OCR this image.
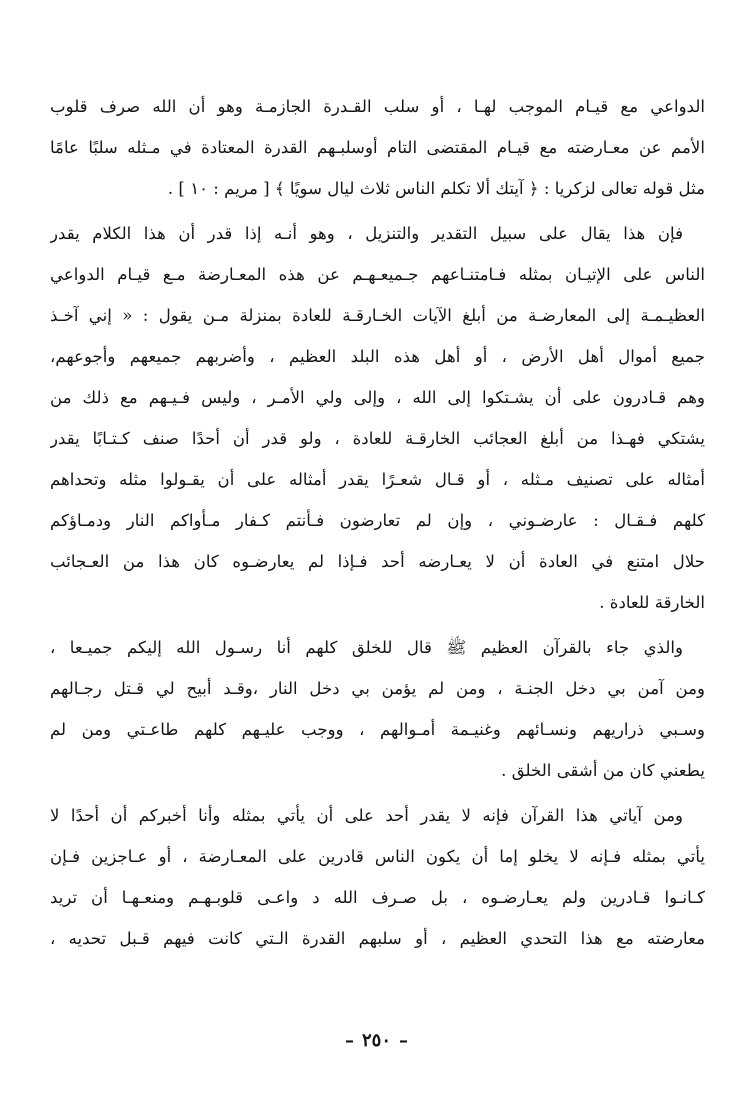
الدواعي مع قيـام الموجب لهـا ، أو سلب القـدرة الجازمـة وهو أن الله صرف قلوب
الأمم عن معـارضته مع قيـام المقتضى التام أوسلبـهم القدرة المعتادة في مـثله سلبًا عامًا
مثل قوله تعالى لزكريا : ﴿ آيتك ألا تكلم الناس ثلاث ليال سويًا ﴾ [ مريم : ١٠ ] .
فإن هذا يقال على سبيل التقدير والتنزيل ، وهو أنـه إذا قدر أن هذا الكلام يقدر
الناس على الإتيـان بمثله فـامتنـاعهم جـميعـهـم عن هذه المعـارضة مـع قيـام الدواعي
العظيـمـة إلى المعارضـة من أبلغ الآيات الخـارقـة للعادة بمنزلة مـن يقول : « إني آخـذ
جميع أموال أهل الأرض ، أو أهل هذه البلد العظيم ، وأضربهم جميعهم وأجوعهم،
وهم قـادرون على أن يشـتكوا إلى الله ، وإلى ولي الأمـر ، وليس فـيـهم مع ذلك من
يشتكي فهـذا من أبلغ العجائب الخارقـة للعادة ، ولو قدر أن أحدًا صنف كـتـابًا يقدر
أمثاله على تصنيف مـثله ، أو قـال شعـرًا يقدر أمثاله على أن يقـولوا مثله وتحداهم
كلهم فـقـال : عارضـوني ، وإن لم تعارضون فـأنتم كـفار مـأواكم النار ودمـاؤكم
حلال امتنع في العادة أن لا يعـارضه أحد فـإذا لم يعارضـوه كان هذا من العـجائب
الخارقة للعادة .
والذي جاء بالقرآن العظيم ﷺ قال للخلق كلهم أنا رسـول الله إليكم جميـعا ،
ومن آمن بي دخل الجنـة ، ومن لم يؤمن بي دخل النار ،وقـد أبيح لي قـتل رجـالهم
وسـبي ذراريهم ونسـائهم وغنيـمة أمـوالهم ، ووجب عليـهم كلهم طاعـتي ومن لم
يطعني كان من أشقى الخلق .
ومن آياتي هذا القرآن فإنه لا يقدر أحد على أن يأتي بمثله وأنا أخبركم أن أحدًا لا
يأتي بمثله فـإنه لا يخلو إما أن يكون الناس قادرين على المعـارضة ، أو عـاجزين فـإن
كـانـوا قـادرين ولم يعـارضـوه ، بل صـرف الله د واعـى قلوبـهـم ومنعـهـا أن تريد
معارضته مع هذا التحدي العظيم ، أو سلبهم القدرة الـتي كانت فيهم قـبل تحديه ،
– ٢٥٠ –
